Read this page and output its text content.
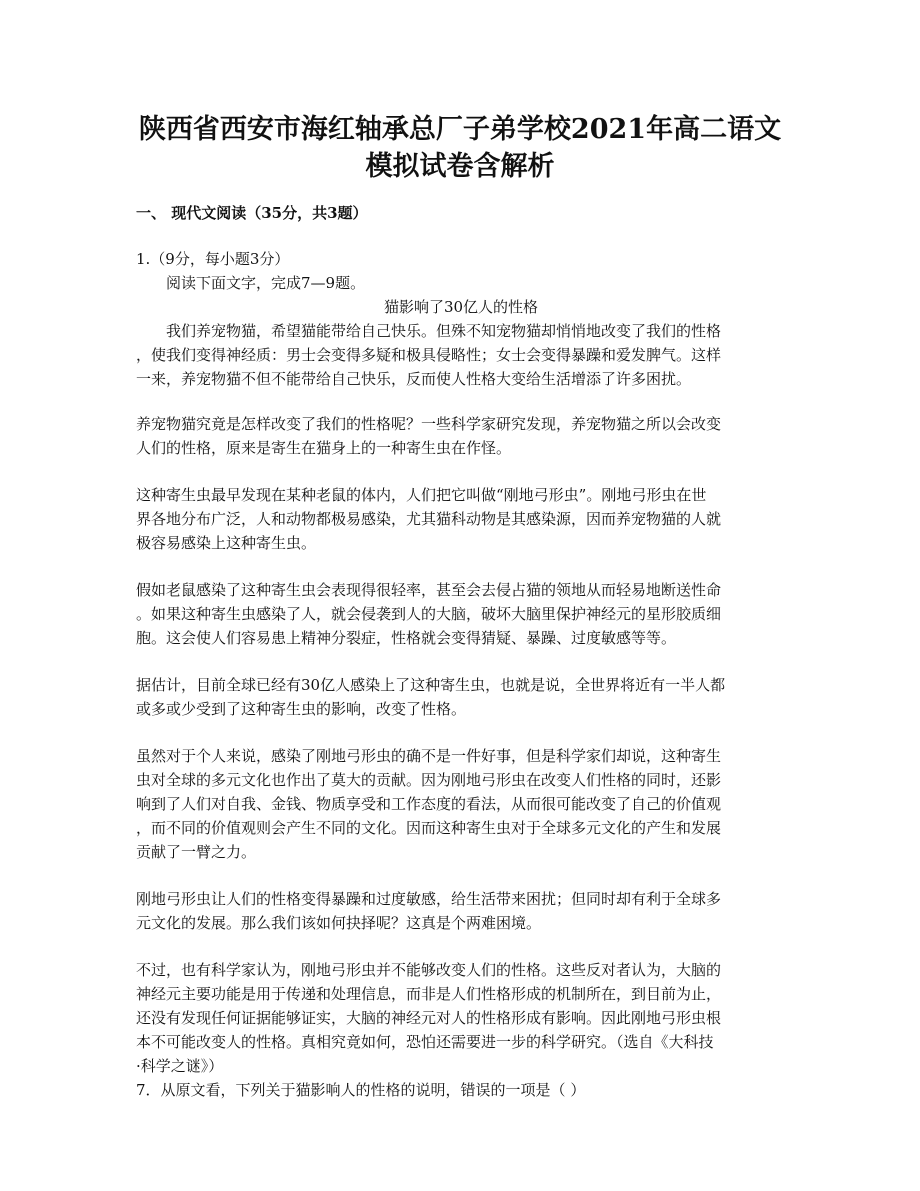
陕西省西安市海红轴承总厂子弟学校2021年高二语文
模拟试卷含解析
一、 现代文阅读（35分，共3题）

1.（9分，每小题3分）

阅读下面文字，完成7—9题。

猫影响了30亿人的性格

我们养宠物猫，希望猫能带给自己快乐。但殊不知宠物猫却悄悄地改变了我们的性格

，使我们变得神经质：男士会变得多疑和极具侵略性；女士会变得暴躁和爱发脾气。这样

一来，养宠物猫不但不能带给自己快乐，反而使人性格大变给生活增添了许多困扰。

养宠物猫究竟是怎样改变了我们的性格呢？一些科学家研究发现，养宠物猫之所以会改变

人们的性格，原来是寄生在猫身上的一种寄生虫在作怪。

这种寄生虫最早发现在某种老鼠的体内，人们把它叫做“刚地弓形虫”。刚地弓形虫在世

界各地分布广泛，人和动物都极易感染，尤其猫科动物是其感染源，因而养宠物猫的人就

极容易感染上这种寄生虫。

假如老鼠感染了这种寄生虫会表现得很轻率，甚至会去侵占猫的领地从而轻易地断送性命

。如果这种寄生虫感染了人，就会侵袭到人的大脑，破坏大脑里保护神经元的星形胶质细

胞。这会使人们容易患上精神分裂症，性格就会变得猜疑、暴躁、过度敏感等等。

据估计，目前全球已经有30亿人感染上了这种寄生虫，也就是说，全世界将近有一半人都

或多或少受到了这种寄生虫的影响，改变了性格。

虽然对于个人来说，感染了刚地弓形虫的确不是一件好事，但是科学家们却说，这种寄生

虫对全球的多元文化也作出了莫大的贡献。因为刚地弓形虫在改变人们性格的同时，还影

响到了人们对自我、金钱、物质享受和工作态度的看法，从而很可能改变了自己的价值观

，而不同的价值观则会产生不同的文化。因而这种寄生虫对于全球多元文化的产生和发展

贡献了一臂之力。

刚地弓形虫让人们的性格变得暴躁和过度敏感，给生活带来困扰；但同时却有利于全球多

元文化的发展。那么我们该如何抉择呢？这真是个两难困境。

不过，也有科学家认为，刚地弓形虫并不能够改变人们的性格。这些反对者认为，大脑的

神经元主要功能是用于传递和处理信息，而非是人们性格形成的机制所在，到目前为止，

还没有发现任何证据能够证实，大脑的神经元对人的性格形成有影响。因此刚地弓形虫根

本不可能改变人的性格。真相究竟如何，恐怕还需要进一步的科学研究。（选自《大科技

·科学之谜》）

7．从原文看，下列关于猫影响人的性格的说明，错误的一项是（ ）
